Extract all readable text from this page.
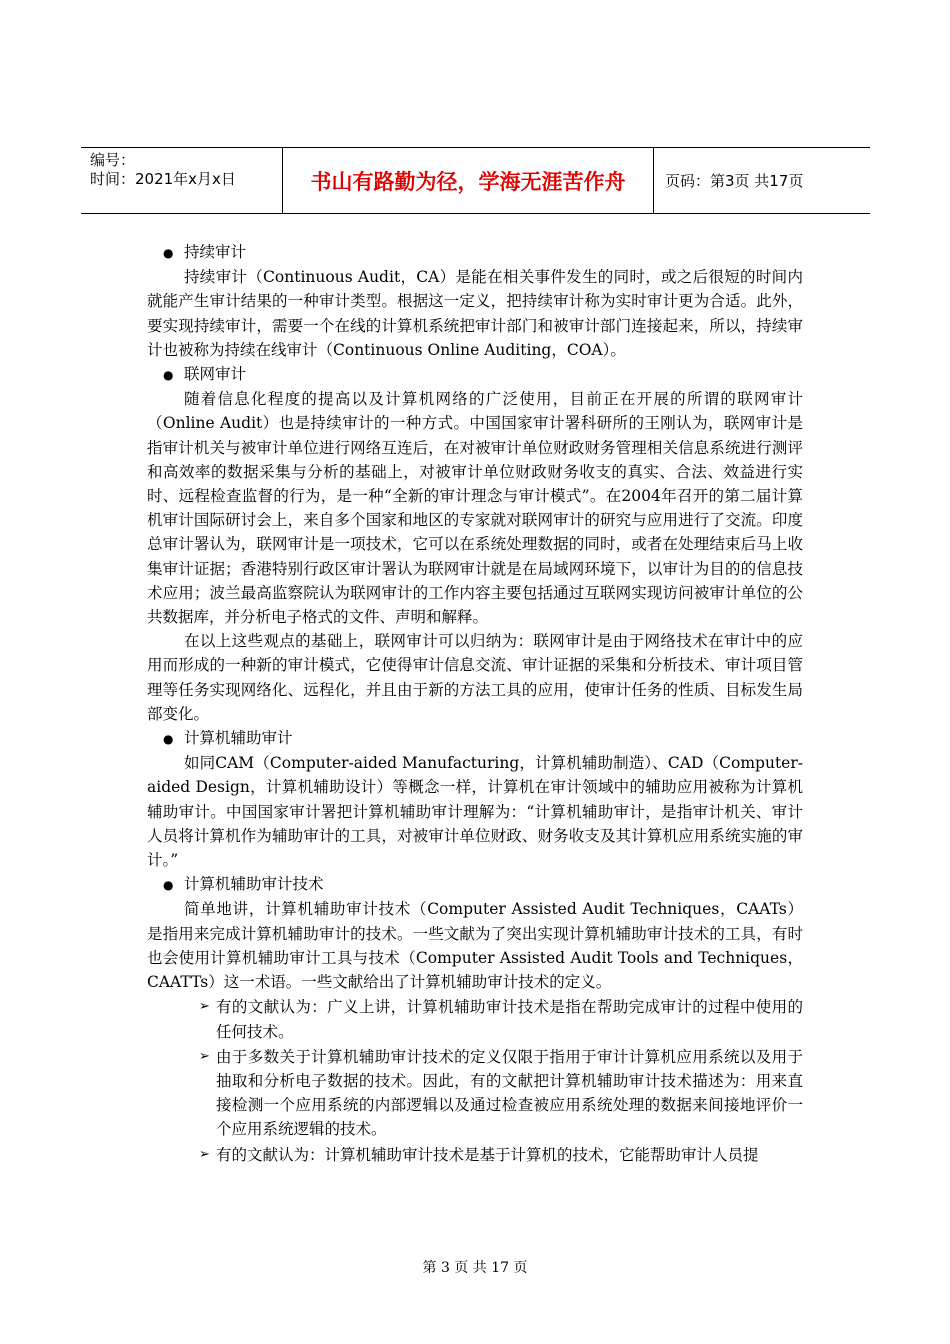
编号：
时间：2021年x月x日	书山有路勤为径，学海无涯苦作舟	页码：第3页 共17页

● 持续审计

持续审计（Continuous Audit，CA）是能在相关事件发生的同时，或之后很短的时间内就能产生审计结果的一种审计类型。根据这一定义，把持续审计称为实时审计更为合适。此外，要实现持续审计，需要一个在线的计算机系统把审计部门和被审计部门连接起来，所以，持续审计也被称为持续在线审计（Continuous Online Auditing，COA）。

● 联网审计

随着信息化程度的提高以及计算机网络的广泛使用，目前正在开展的所谓的联网审计（Online Audit）也是持续审计的一种方式。中国国家审计署科研所的王刚认为，联网审计是指审计机关与被审计单位进行网络互连后，在对被审计单位财政财务管理相关信息系统进行测评和高效率的数据采集与分析的基础上，对被审计单位财政财务收支的真实、合法、效益进行实时、远程检查监督的行为，是一种“全新的审计理念与审计模式”。在2004年召开的第二届计算机审计国际研讨会上，来自多个国家和地区的专家就对联网审计的研究与应用进行了交流。印度总审计署认为，联网审计是一项技术，它可以在系统处理数据的同时，或者在处理结束后马上收集审计证据；香港特别行政区审计署认为联网审计就是在局域网环境下，以审计为目的的信息技术应用；波兰最高监察院认为联网审计的工作内容主要包括通过互联网实现访问被审计单位的公共数据库，并分析电子格式的文件、声明和解释。

在以上这些观点的基础上，联网审计可以归纳为：联网审计是由于网络技术在审计中的应用而形成的一种新的审计模式，它使得审计信息交流、审计证据的采集和分析技术、审计项目管理等任务实现网络化、远程化，并且由于新的方法工具的应用，使审计任务的性质、目标发生局部变化。

● 计算机辅助审计

如同CAM（Computer-aided Manufacturing，计算机辅助制造）、CAD（Computer-aided Design，计算机辅助设计）等概念一样，计算机在审计领域中的辅助应用被称为计算机辅助审计。中国国家审计署把计算机辅助审计理解为：“计算机辅助审计，是指审计机关、审计人员将计算机作为辅助审计的工具，对被审计单位财政、财务收支及其计算机应用系统实施的审计。”

● 计算机辅助审计技术

简单地讲，计算机辅助审计技术（Computer Assisted Audit Techniques，CAATs）是指用来完成计算机辅助审计的技术。一些文献为了突出实现计算机辅助审计技术的工具，有时也会使用计算机辅助审计工具与技术（Computer Assisted Audit Tools and Techniques，CAATTs）这一术语。一些文献给出了计算机辅助审计技术的定义。

➢ 有的文献认为：广义上讲，计算机辅助审计技术是指在帮助完成审计的过程中使用的任何技术。
➢ 由于多数关于计算机辅助审计技术的定义仅限于指用于审计计算机应用系统以及用于抽取和分析电子数据的技术。因此，有的文献把计算机辅助审计技术描述为：用来直接检测一个应用系统的内部逻辑以及通过检查被应用系统处理的数据来间接地评价一个应用系统逻辑的技术。
➢ 有的文献认为：计算机辅助审计技术是基于计算机的技术，它能帮助审计人员提
第 3 页 共 17 页
